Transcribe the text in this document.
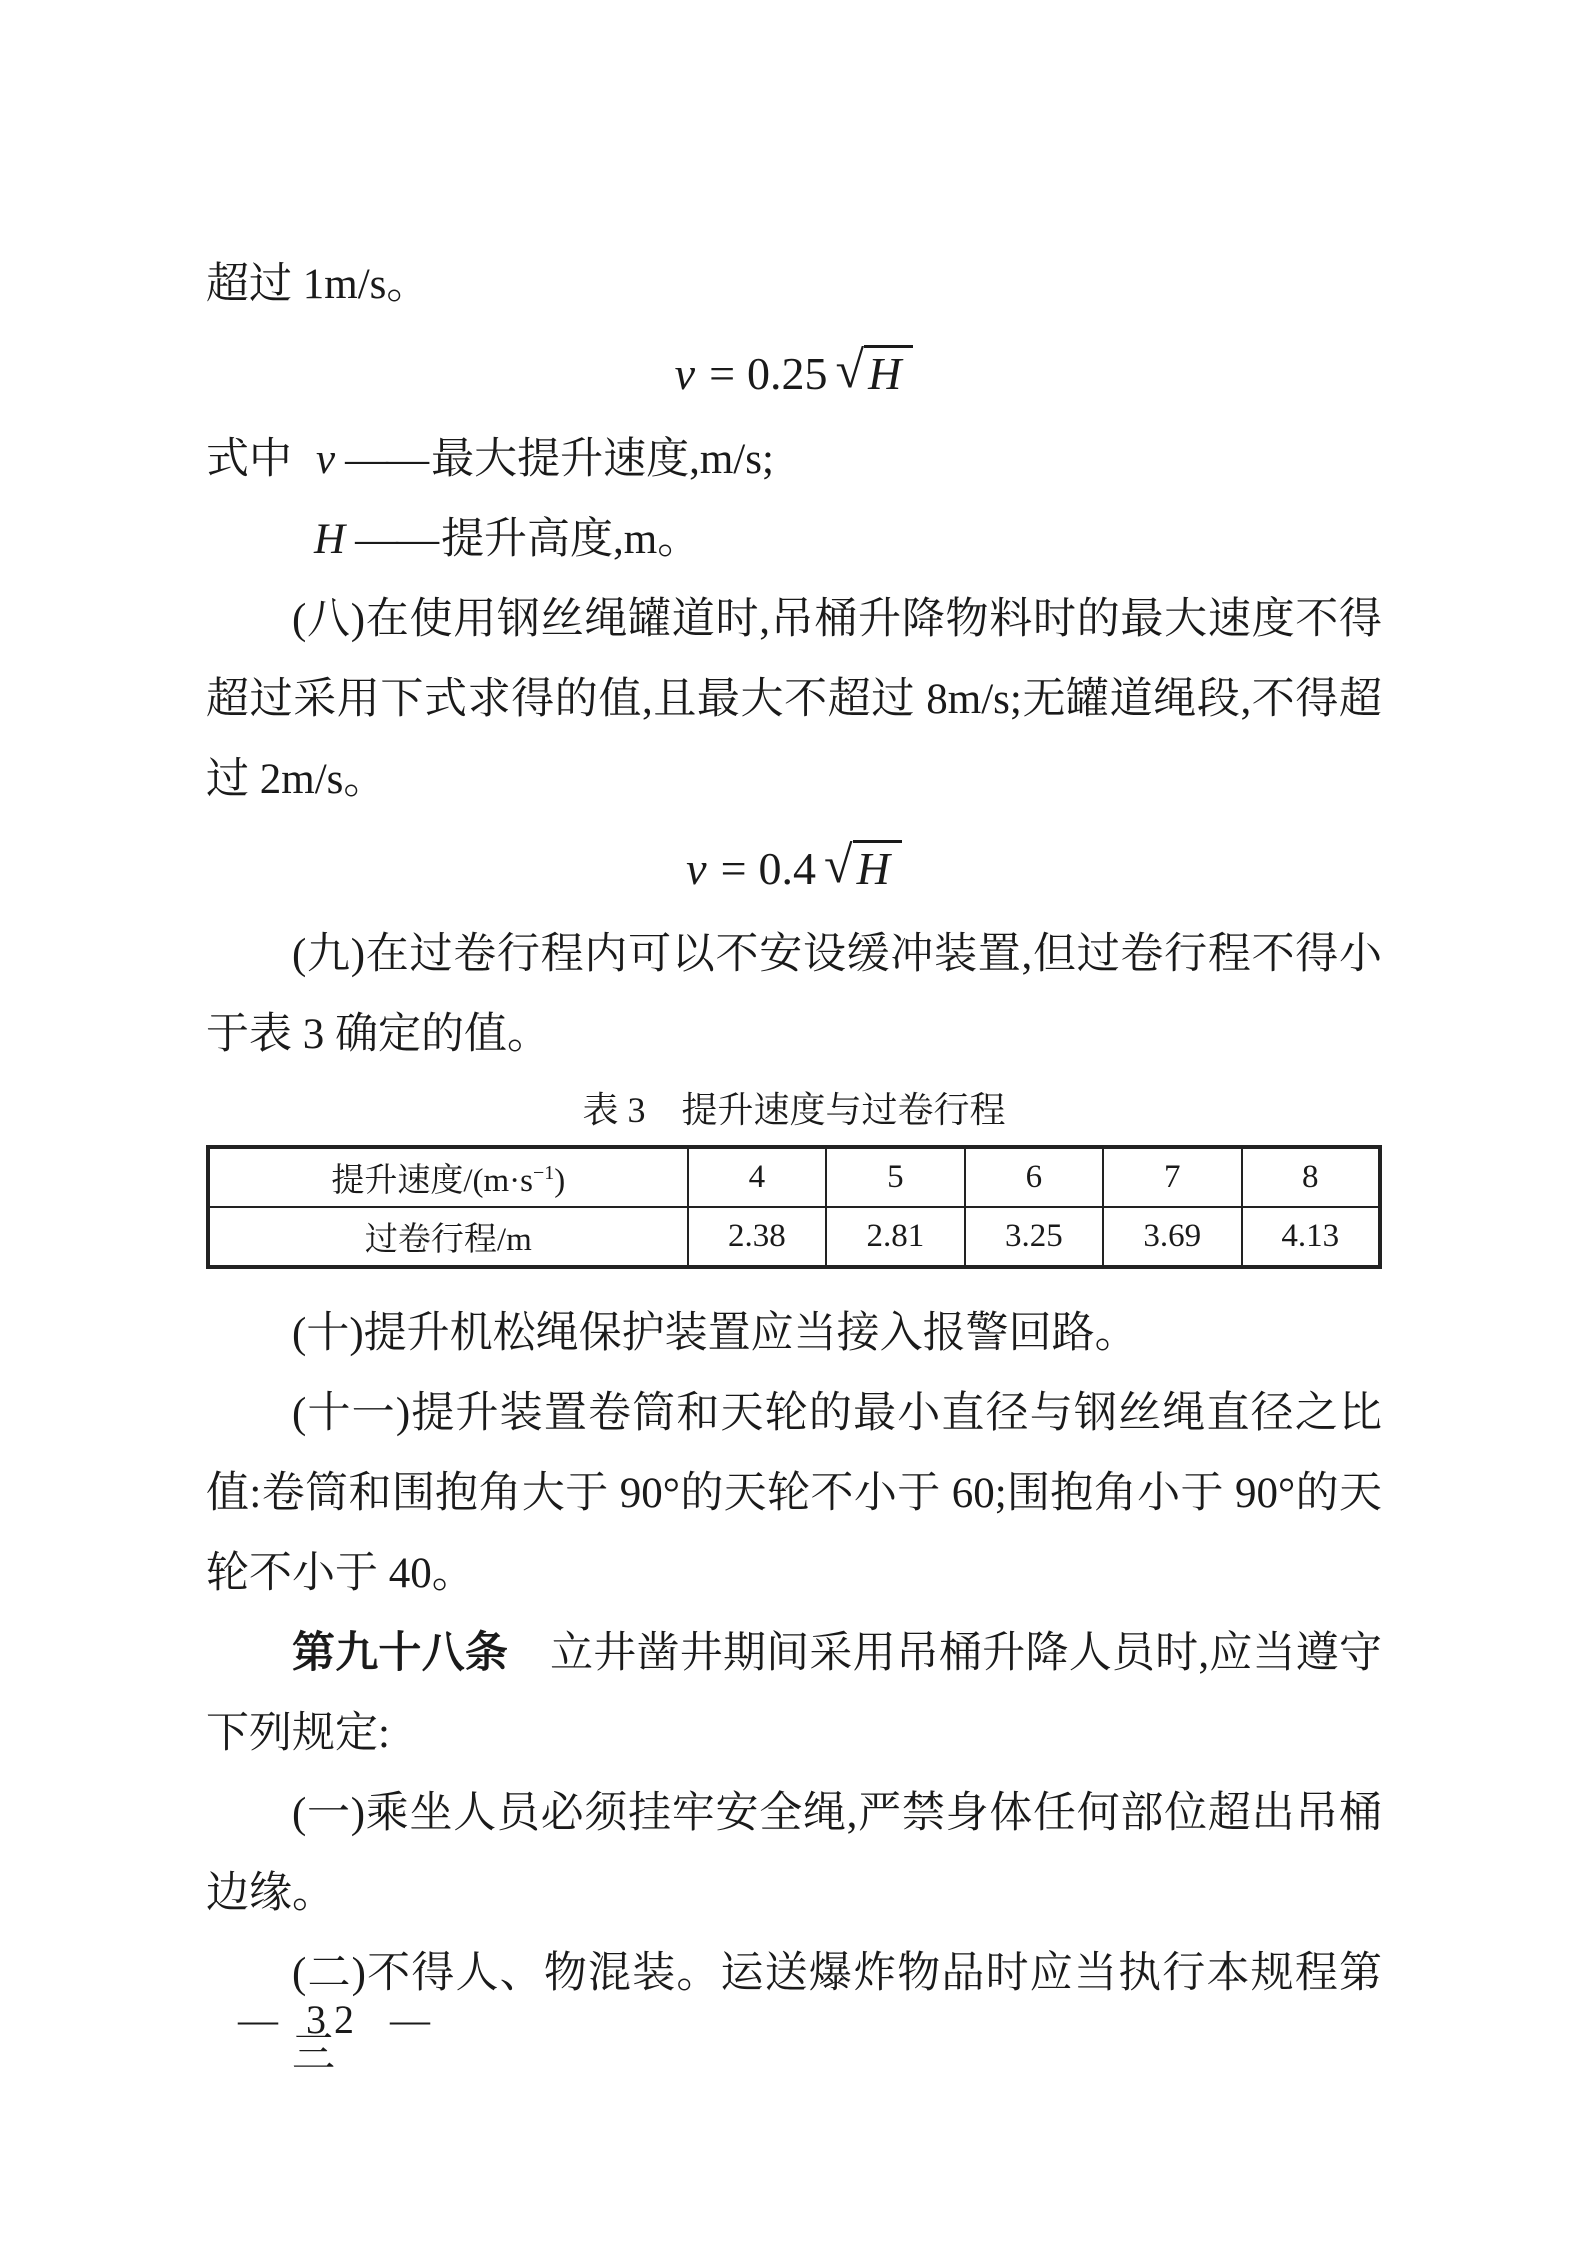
超过 1m/s。
v = 0.25 √H
式中 v ——最大提升速度,m/s;
H ——提升高度,m。
(八)在使用钢丝绳罐道时,吊桶升降物料时的最大速度不得
超过采用下式求得的值,且最大不超过 8m/s;无罐道绳段,不得超
过 2m/s。
v = 0.4 √H
(九)在过卷行程内可以不安设缓冲装置,但过卷行程不得小
于表 3 确定的值。
表 3　提升速度与过卷行程
提升速度$/(m\cdot s^{-1})$	4	5	6	7	8
过卷行程/m	2.38	2.81	3.25	3.69	4.13
(十)提升机松绳保护装置应当接入报警回路。
(十一)提升装置卷筒和天轮的最小直径与钢丝绳直径之比
值:卷筒和围抱角大于 90°的天轮不小于 60;围抱角小于 90°的天
轮不小于 40。
第九十八条 立井凿井期间采用吊桶升降人员时,应当遵守
下列规定:
(一)乘坐人员必须挂牢安全绳,严禁身体任何部位超出吊桶
边缘。
(二)不得人、物混装。运送爆炸物品时应当执行本规程第三
— 32 —
